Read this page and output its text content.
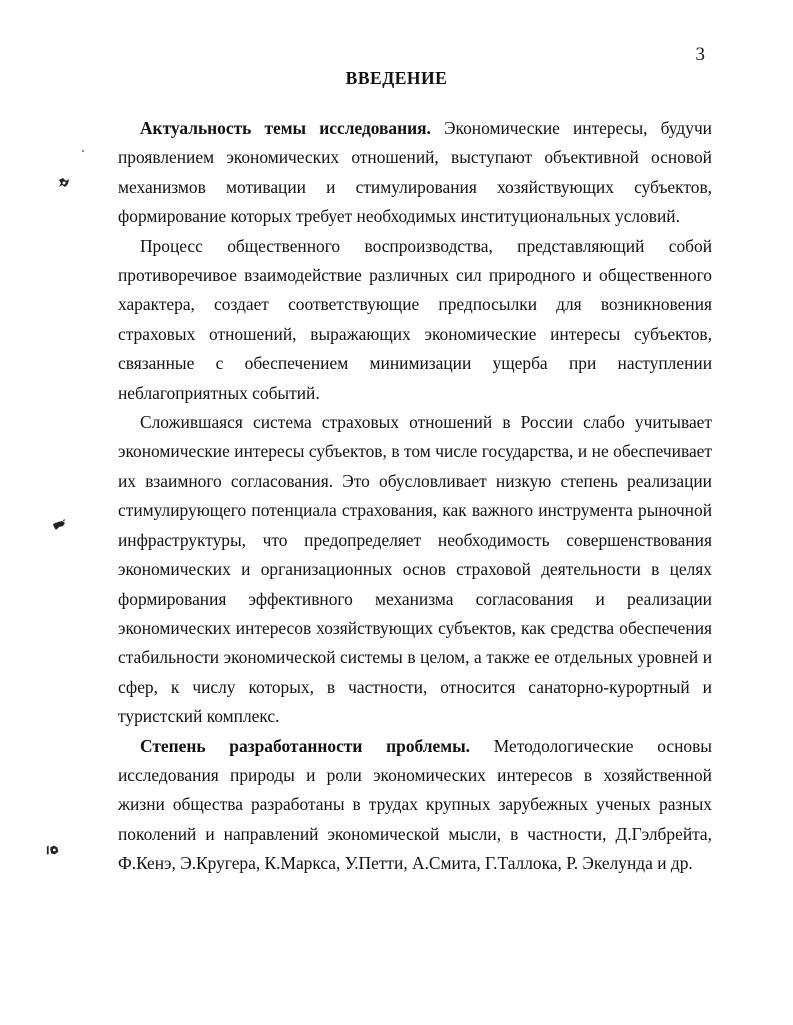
3
ВВЕДЕНИЕ

Актуальность темы исследования. Экономические интересы, будучи проявлением экономических отношений, выступают объективной основой механизмов мотивации и стимулирования хозяйствующих субъектов, формирование которых требует необходимых институциональных условий.

Процесс общественного воспроизводства, представляющий собой противоречивое взаимодействие различных сил природного и общественного характера, создает соответствующие предпосылки для возникновения страховых отношений, выражающих экономические интересы субъектов, связанные с обеспечением минимизации ущерба при наступлении неблагоприятных событий.

Сложившаяся система страховых отношений в России слабо учитывает экономические интересы субъектов, в том числе государства, и не обеспечивает их взаимного согласования. Это обусловливает низкую степень реализации стимулирующего потенциала страхования, как важного инструмента рыночной инфраструктуры, что предопределяет необходимость совершенствования экономических и организационных основ страховой деятельности в целях формирования эффективного механизма согласования и реализации экономических интересов хозяйствующих субъектов, как средства обеспечения стабильности экономической системы в целом, а также ее отдельных уровней и сфер, к числу которых, в частности, относится санаторно-курортный и туристский комплекс.

Степень разработанности проблемы. Методологические основы исследования природы и роли экономических интересов в хозяйственной жизни общества разработаны в трудах крупных зарубежных ученых разных поколений и направлений экономической мысли, в частности, Д.Гэлбрейта, Ф.Кенэ, Э.Кругера, К.Маркса, У.Петти, А.Смита, Г.Таллока, Р. Экелунда и др.
